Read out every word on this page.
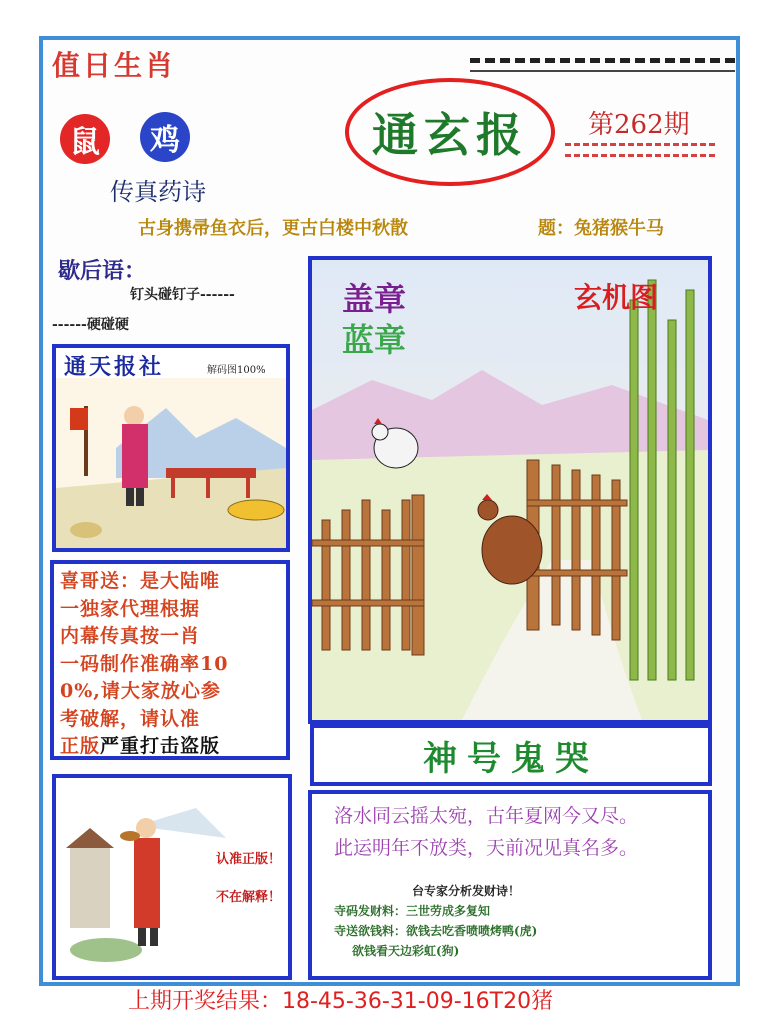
值日生肖
鼠	鸡
传真药诗
通玄报 第262期
古身携帚鱼衣后，更古白楼中秋散	题：兔猪猴牛马
歇后语：
钉头碰钉子------
------硬碰硬
通天报社	解码图100%

喜哥送：是大陆唯

一独家代理根据

内幕传真按一肖

一码制作准确率10

0%,请大家放心参

考破解，请认准

正版严重打击盗版

认准正版！
不在解释！
盖章
蓝章
玄机图
神号鬼哭
洛水同云摇太宛，古年夏网今又尽。
此运明年不放类，天前况见真名多。
台专家分析发财诗！
寺码发财料：三世劳成多复知
寺送欲钱料：欲钱去吃香喷喷烤鸭(虎)
欲钱看天边彩虹(狗)
上期开奖结果：18-45-36-31-09-16T20猪
